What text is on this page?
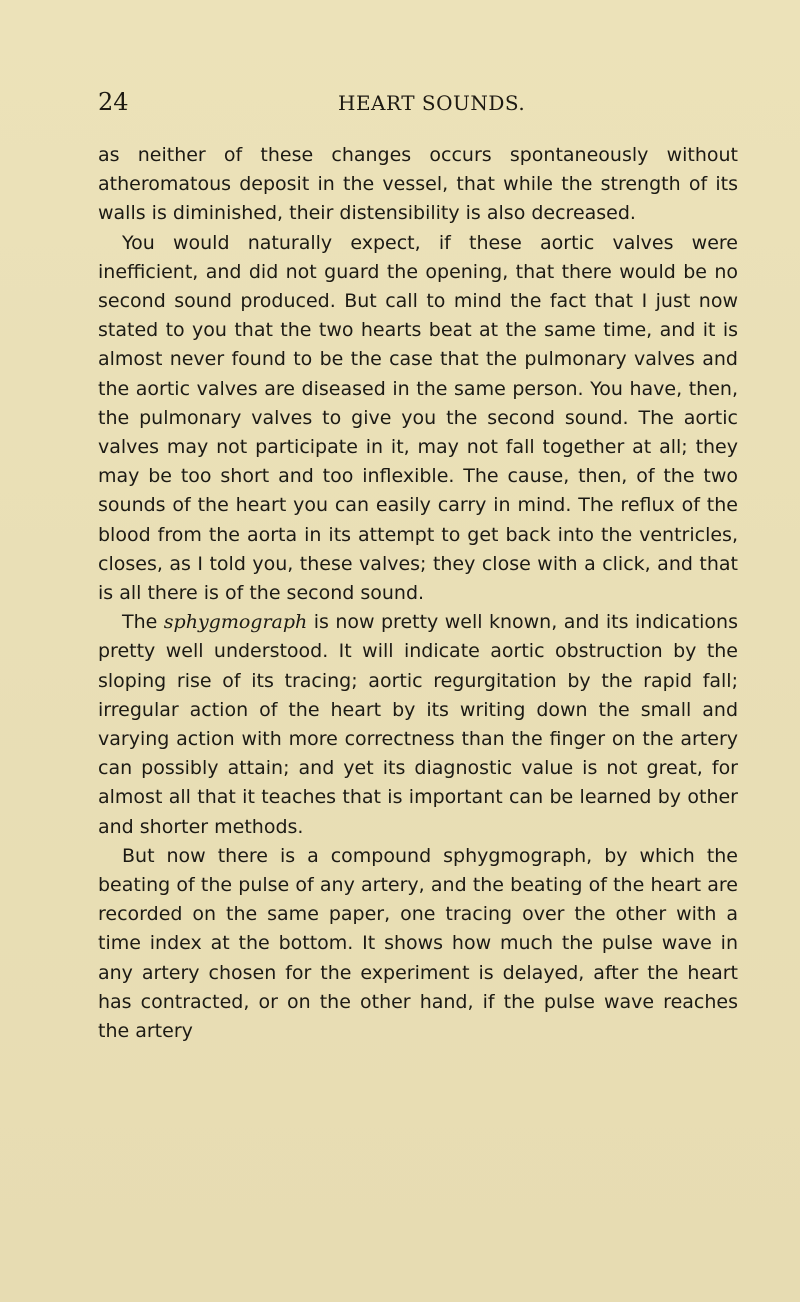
24	HEART SOUNDS.

as neither of these changes occurs spontaneously without atheromatous deposit in the vessel, that while the strength of its walls is diminished, their distensibility is also decreased.

You would naturally expect, if these aortic valves were inefficient, and did not guard the opening, that there would be no second sound produced. But call to mind the fact that I just now stated to you that the two hearts beat at the same time, and it is almost never found to be the case that the pulmonary valves and the aortic valves are diseased in the same person. You have, then, the pulmonary valves to give you the second sound. The aortic valves may not participate in it, may not fall together at all; they may be too short and too inflexible. The cause, then, of the two sounds of the heart you can easily carry in mind. The reflux of the blood from the aorta in its attempt to get back into the ventricles, closes, as I told you, these valves; they close with a click, and that is all there is of the second sound.

The sphygmograph is now pretty well known, and its indications pretty well understood. It will indicate aortic obstruction by the sloping rise of its tracing; aortic regurgitation by the rapid fall; irregular action of the heart by its writing down the small and varying action with more correctness than the finger on the artery can possibly attain; and yet its diagnostic value is not great, for almost all that it teaches that is important can be learned by other and shorter methods.

But now there is a compound sphygmograph, by which the beating of the pulse of any artery, and the beating of the heart are recorded on the same paper, one tracing over the other with a time index at the bottom. It shows how much the pulse wave in any artery chosen for the experiment is delayed, after the heart has contracted, or on the other hand, if the pulse wave reaches the artery
